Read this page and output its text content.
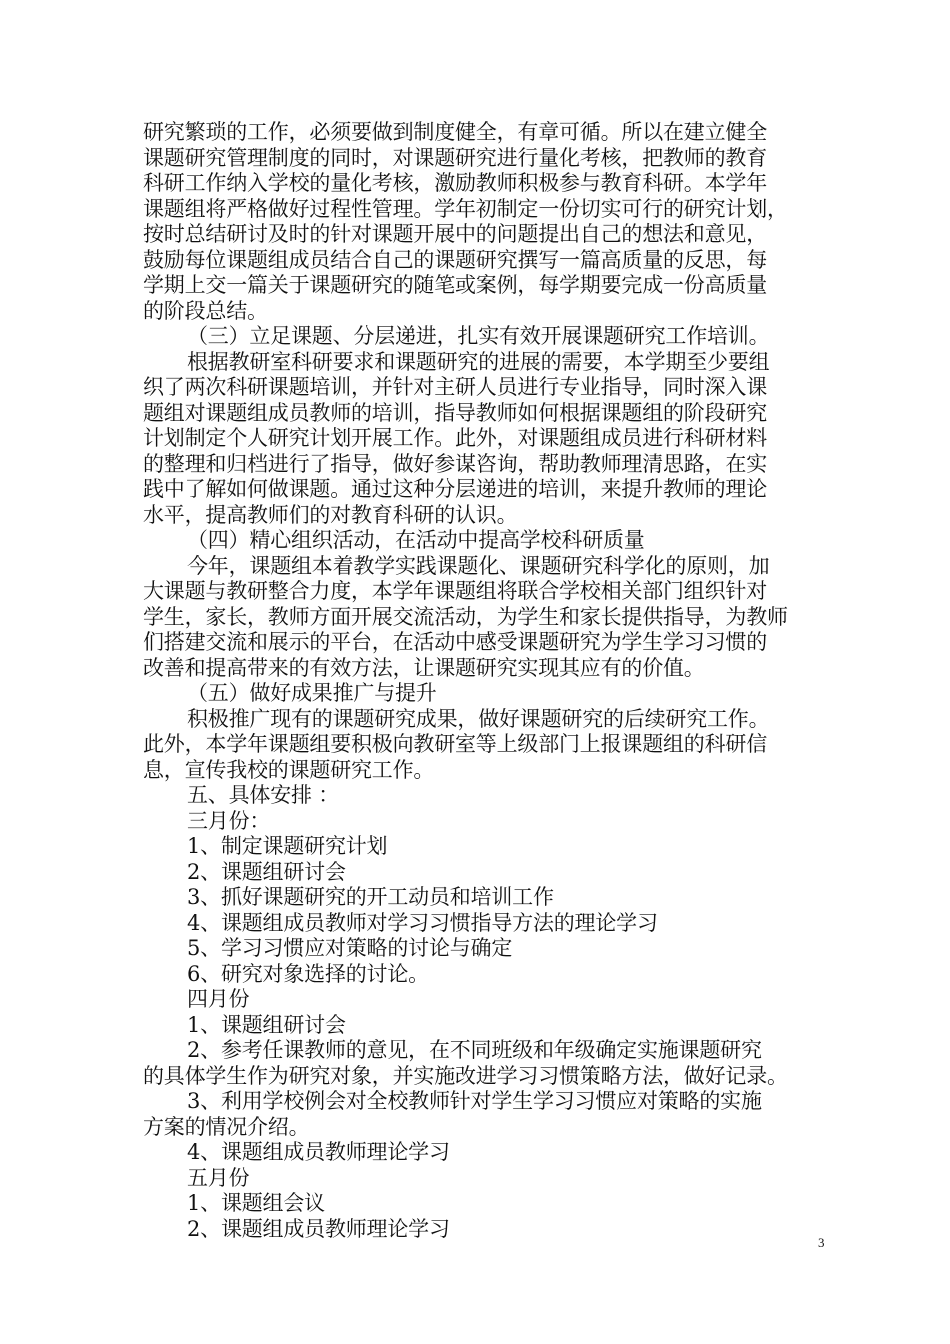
研究繁琐的工作，必须要做到制度健全，有章可循。所以在建立健全
课题研究管理制度的同时，对课题研究进行量化考核，把教师的教育
科研工作纳入学校的量化考核，激励教师积极参与教育科研。本学年
课题组将严格做好过程性管理。学年初制定一份切实可行的研究计划，
按时总结研讨及时的针对课题开展中的问题提出自己的想法和意见，
鼓励每位课题组成员结合自己的课题研究撰写一篇高质量的反思，每
学期上交一篇关于课题研究的随笔或案例，每学期要完成一份高质量
的阶段总结。
（三）立足课题、分层递进，扎实有效开展课题研究工作培训。
根据教研室科研要求和课题研究的进展的需要，本学期至少要组
织了两次科研课题培训，并针对主研人员进行专业指导，同时深入课
题组对课题组成员教师的培训，指导教师如何根据课题组的阶段研究
计划制定个人研究计划开展工作。此外，对课题组成员进行科研材料
的整理和归档进行了指导，做好参谋咨询，帮助教师理清思路，在实
践中了解如何做课题。通过这种分层递进的培训，来提升教师的理论
水平，提高教师们的对教育科研的认识。
（四）精心组织活动，在活动中提高学校科研质量
今年，课题组本着教学实践课题化、课题研究科学化的原则，加
大课题与教研整合力度，本学年课题组将联合学校相关部门组织针对
学生，家长，教师方面开展交流活动，为学生和家长提供指导，为教师
们搭建交流和展示的平台，在活动中感受课题研究为学生学习习惯的
改善和提高带来的有效方法，让课题研究实现其应有的价值。
（五）做好成果推广与提升
积极推广现有的课题研究成果，做好课题研究的后续研究工作。
此外，本学年课题组要积极向教研室等上级部门上报课题组的科研信
息，宣传我校的课题研究工作。
五、具体安排 ：
三月份：
1、制定课题研究计划
2、课题组研讨会
3、抓好课题研究的开工动员和培训工作
4、课题组成员教师对学习习惯指导方法的理论学习
5、学习习惯应对策略的讨论与确定
6、研究对象选择的讨论。
四月份
1、课题组研讨会
2、参考任课教师的意见，在不同班级和年级确定实施课题研究
的具体学生作为研究对象，并实施改进学习习惯策略方法，做好记录。
3、利用学校例会对全校教师针对学生学习习惯应对策略的实施
方案的情况介绍。
4、课题组成员教师理论学习
五月份
1、课题组会议
2、课题组成员教师理论学习
3
